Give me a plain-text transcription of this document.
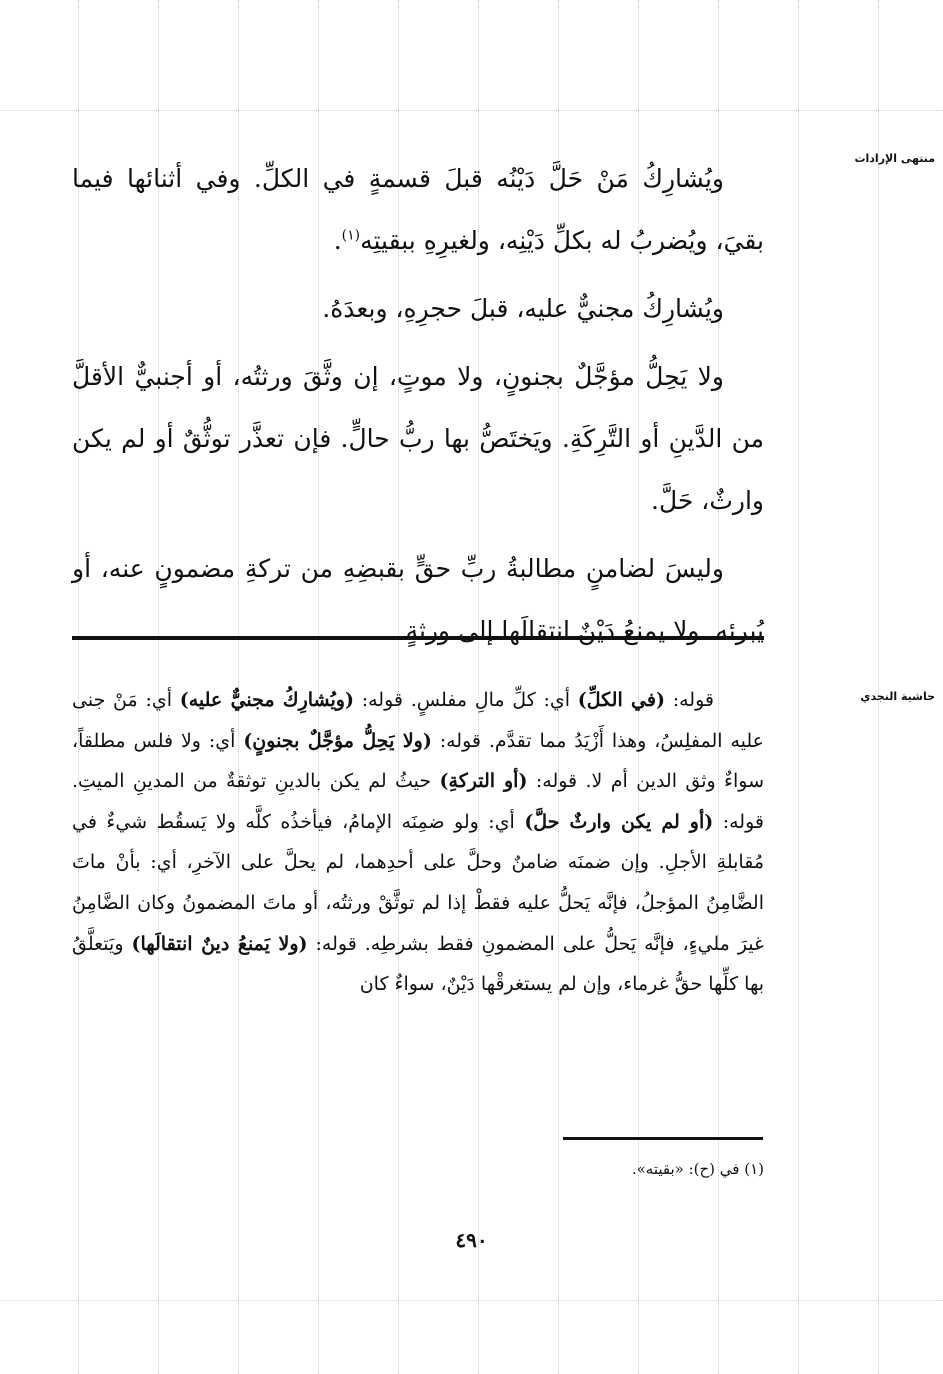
منتهى الإرادات

ويُشارِكُ مَنْ حَلَّ دَيْنُه قبلَ قسمةٍ في الكلِّ. وفي أثنائها فيما بقيَ، ويُضربُ له بكلِّ دَيْنِه، ولغيرِهِ ببقيتِه$^{(١)}$.

ويُشارِكُ مجنيٌّ عليه، قبلَ حجرِهِ، وبعدَهُ.

ولا يَحِلُّ مؤجَّلٌ بجنونٍ، ولا موتٍ، إن وثَّقَ ورثتُه، أو أجنبيٌّ الأقلَّ من الدَّينِ أو التَّرِكَةِ. ويَختَصُّ بها ربُّ حالٍّ. فإن تعذَّر توثُّقٌ أو لم يكن وارثٌ، حَلَّ.

وليسَ لضامنٍ مطالبةُ ربِّ حقٍّ بقبضِهِ من تركةِ مضمونٍ عنه، أو يُبرئه. ولا يمنعُ دَيْنٌ انتقالَها إلى ورثةٍ.

حاشية النجدي

قوله: (في الكلِّ) أي: كلِّ مالِ مفلسٍ. قوله: (ويُشارِكُ مجنيٌّ عليه) أي: مَنْ جنى عليه المفلِسُ، وهذا أَزْيَدُ مما تقدَّم. قوله: (ولا يَحِلُّ مؤجَّلٌ بجنونٍ) أي: ولا فلس مطلقاً، سواءٌ وثق الدين أم لا. قوله: (أو التركةِ) حيثُ لم يكن بالدينِ توثقةٌ من المدينِ الميتِ. قوله: (أو لم يكن وارثٌ حلَّ) أي: ولو ضمِنَه الإمامُ، فيأخذُه كلَّه ولا يَسقُط شيءٌ في مُقابلةِ الأجلِ. وإن ضمنَه ضامنٌ وحلَّ على أحدِهما، لم يحلَّ على الآخرِ، أي: بأنْ ماتَ الضَّامِنُ المؤجلُ، فإنَّه يَحلُّ عليه فقطْ إذا لم توثَّقْ ورثتُه، أو ماتَ المضمونُ وكان الضَّامِنُ غيرَ مليءٍ، فإنَّه يَحلُّ على المضمونِ فقط بشرطِه. قوله: (ولا يَمنعُ دينٌ انتقالَها) ويَتعلَّقُ بها كلِّها حقُّ غرماء، وإن لم يستغرقْها دَيْنٌ، سواءٌ كان

(١) في (ح): «بقيته».
٤٩٠
